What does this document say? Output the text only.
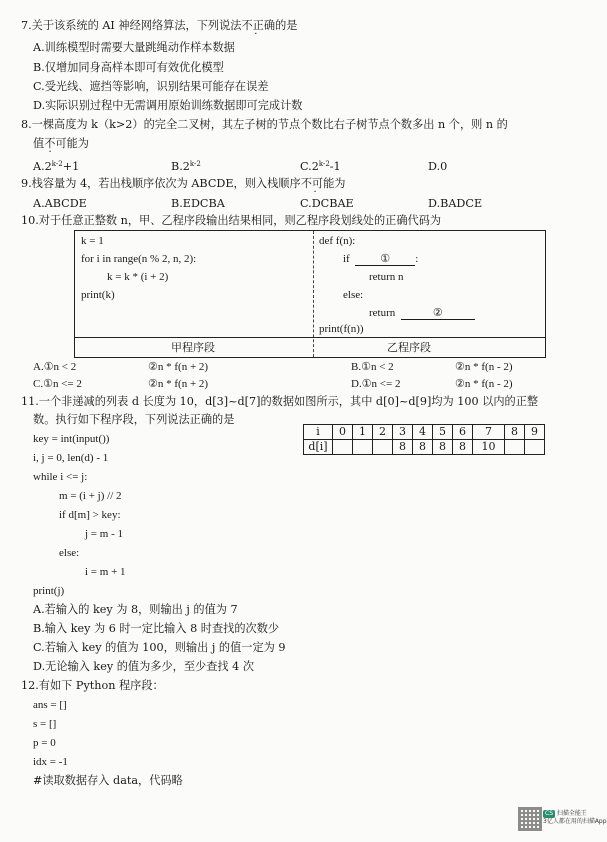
7.关于该系统的 AI 神经网络算法，下列说法不正确的是
A.训练模型时需要大量跳绳动作样本数据
B.仅增加同身高样本即可有效优化模型
C.受光线、遮挡等影响，识别结果可能存在误差
D.实际识别过程中无需调用原始训练数据即可完成计数
8.一棵高度为 k（k>2）的完全二叉树，其左子树的节点个数比右子树节点个数多出 n 个，则 n 的
值不可能为
$A.2^{k-2}+1$	B.2$^{k-2}$	C.2$^{k-2}$-1	D.0
9.栈容量为 4，若出栈顺序依次为 ABCDE，则入栈顺序不可能为
A.ABCDE	B.EDCBA	C.DCBAE	D.BADCE
10.对于任意正整数 n，甲、乙程序段输出结果相同，则乙程序段划线处的正确代码为
k = 1
for i in range(n % 2, n, 2):
k = k * (i + 2)
print(k)
def f(n):
if	① :
return n
else:
return	②
print(f(n))
甲程序段	乙程序段
A.①n < 2	②n * f(n + 2)	B.①n < 2	②n * f(n - 2)
C.①n <= 2	②n * f(n + 2)	D.①n <= 2	②n * f(n - 2)
11.一个非递减的列表 d 长度为 10，d[3]~d[7]的数据如图所示，其中 d[0]~d[9]均为 100 以内的正整
数。执行如下程序段，下列说法正确的是
i	0	1	2	3	4	5	6	7	8	9
d[i]				8	8	8	8	10		
key = int(input())
i, j = 0, len(d) - 1
while i <= j:
m = (i + j) // 2
if d[m] > key:
j = m - 1
else:
i = m + 1
print(j)
A.若输入的 key 为 8，则输出 j 的值为 7
B.输入 key 为 6 时一定比输入 8 时查找的次数少
C.若输入 key 的值为 100，则输出 j 的值一定为 9
D.无论输入 key 的值为多少，至少查找 4 次
12.有如下 Python 程序段：
ans = []
s = []
p = 0
idx = -1
#读取数据存入 data，代码略
CS 扫描全能王
3亿人都在用的扫描App
